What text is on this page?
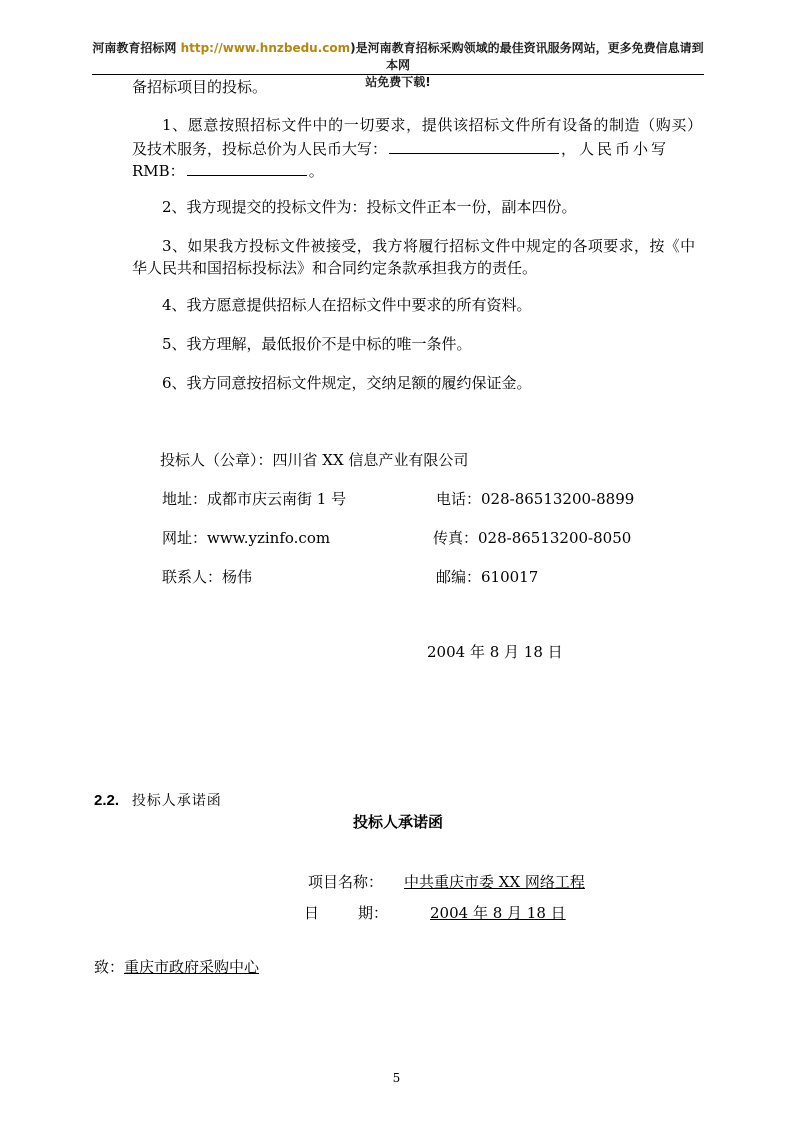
河南教育招标网 http://www.hnzbedu.com)是河南教育招标采购领域的最佳资讯服务网站，更多免费信息请到本网
站免费下载!
备招标项目的投标。
1、愿意按照招标文件中的一切要求，提供该招标文件所有设备的制造（购买）
及技术服务，投标总价为人民币大写：	，人民币小写
RMB：	。
2、我方现提交的投标文件为：投标文件正本一份，副本四份。
3、如果我方投标文件被接受，我方将履行招标文件中规定的各项要求，按《中
华人民共和国招标投标法》和合同约定条款承担我方的责任。
4、我方愿意提供招标人在招标文件中要求的所有资料。
5、我方理解，最低报价不是中标的唯一条件。
6、我方同意按招标文件规定，交纳足额的履约保证金。
投标人（公章）：四川省 XX 信息产业有限公司
地址：成都市庆云南街 1 号	电话：028-86513200-8899
网址：www.yzinfo.com	传真：028-86513200-8050
联系人：杨伟	邮编：610017
2004 年 8 月 18 日
2.2. 投标人承诺函
投标人承诺函
项目名称： 中共重庆市委 XX 网络工程
日	期：	2004 年 8 月 18 日
致：重庆市政府采购中心
5
